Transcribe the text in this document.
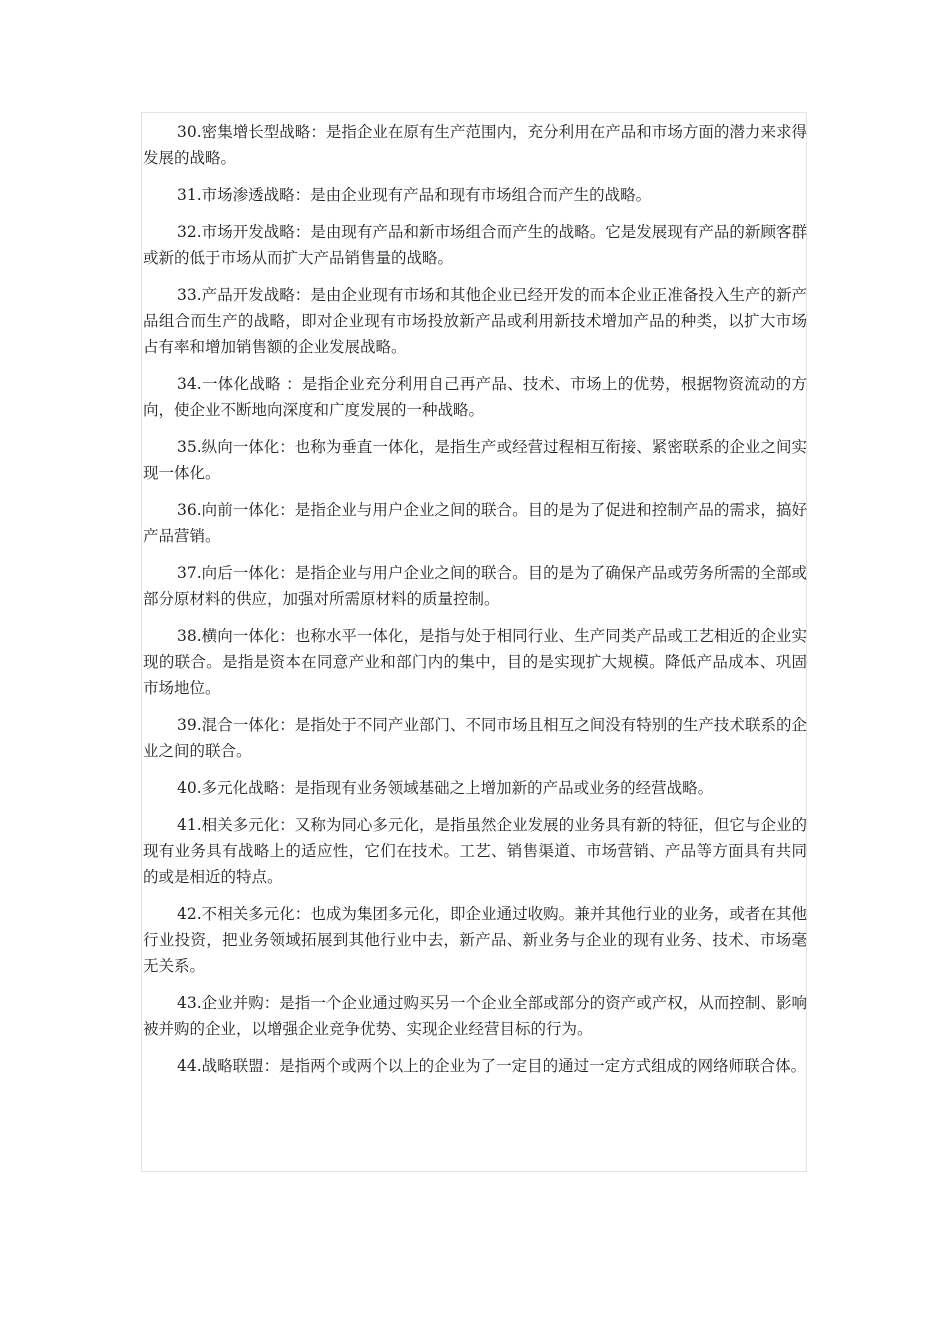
30.密集增长型战略：是指企业在原有生产范围内，充分利用在产品和市场方面的潜力来求得发展的战略。

31.市场渗透战略：是由企业现有产品和现有市场组合而产生的战略。

32.市场开发战略：是由现有产品和新市场组合而产生的战略。它是发展现有产品的新顾客群或新的低于市场从而扩大产品销售量的战略。

33.产品开发战略：是由企业现有市场和其他企业已经开发的而本企业正准备投入生产的新产品组合而生产的战略，即对企业现有市场投放新产品或利用新技术增加产品的种类，以扩大市场占有率和增加销售额的企业发展战略。

34.一体化战略 ：是指企业充分利用自己再产品、技术、市场上的优势，根据物资流动的方向，使企业不断地向深度和广度发展的一种战略。

35.纵向一体化：也称为垂直一体化，是指生产或经营过程相互衔接、紧密联系的企业之间实现一体化。

36.向前一体化：是指企业与用户企业之间的联合。目的是为了促进和控制产品的需求，搞好产品营销。

37.向后一体化：是指企业与用户企业之间的联合。目的是为了确保产品或劳务所需的全部或部分原材料的供应，加强对所需原材料的质量控制。

38.横向一体化：也称水平一体化，是指与处于相同行业、生产同类产品或工艺相近的企业实现的联合。是指是资本在同意产业和部门内的集中，目的是实现扩大规模。降低产品成本、巩固市场地位。

39.混合一体化：是指处于不同产业部门、不同市场且相互之间没有特别的生产技术联系的企业之间的联合。

40.多元化战略：是指现有业务领域基础之上增加新的产品或业务的经营战略。

41.相关多元化：又称为同心多元化，是指虽然企业发展的业务具有新的特征，但它与企业的现有业务具有战略上的适应性，它们在技术。工艺、销售渠道、市场营销、产品等方面具有共同的或是相近的特点。

42.不相关多元化：也成为集团多元化，即企业通过收购。兼并其他行业的业务，或者在其他行业投资，把业务领域拓展到其他行业中去，新产品、新业务与企业的现有业务、技术、市场毫无关系。

43.企业并购：是指一个企业通过购买另一个企业全部或部分的资产或产权，从而控制、影响被并购的企业，以增强企业竞争优势、实现企业经营目标的行为。

44.战略联盟：是指两个或两个以上的企业为了一定目的通过一定方式组成的网络师联合体。
